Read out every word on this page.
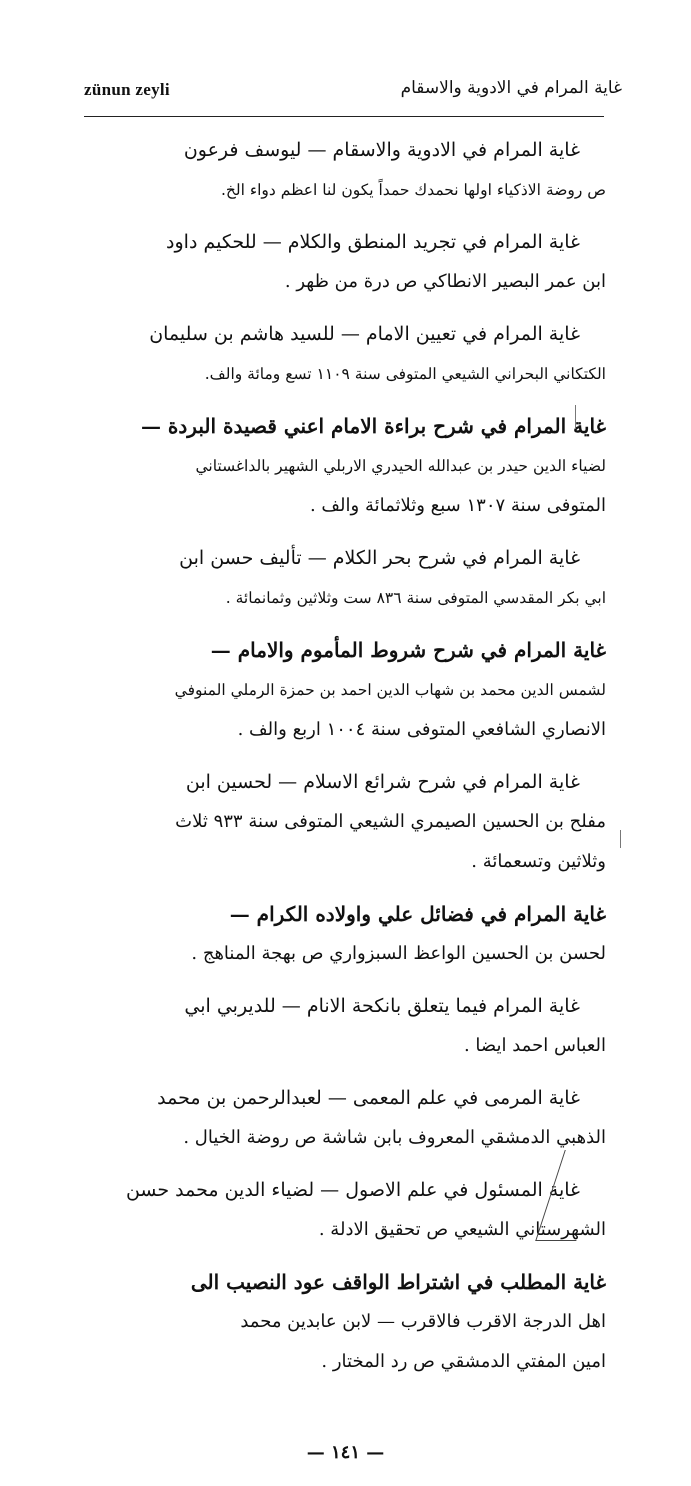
zünun zeyli	غاية المرام في الادوية والاسقام
غاية المرام في الادوية والاسقام — ليوسف فرعون
ص روضة الاذكياء اولها نحمدك حمداً يكون لنا اعظم دواء الخ.
غاية المرام في تجريد المنطق والكلام — للحكيم داود
ابن عمر البصير الانطاكي ص درة من ظهر .
غاية المرام في تعيين الامام — للسيد هاشم بن سليمان
الكتكاني البحراني الشيعي المتوفى سنة ١١٠٩ تسع ومائة والف.
غاية المرام في شرح براءة الامام اعني قصيدة البردة —
لضياء الدين حيدر بن عبدالله الحيدري الاربلي الشهير بالداغستاني
المتوفى سنة ١٣٠٧ سبع وثلاثمائة والف .
غاية المرام في شرح بحر الكلام — تأليف حسن ابن
ابي بكر المقدسي المتوفى سنة ٨٣٦ ست وثلاثين وثمانمائة .
غاية المرام في شرح شروط المأموم والامام —
لشمس الدين محمد بن شهاب الدين احمد بن حمزة الرملي المنوفي
الانصاري الشافعي المتوفى سنة ١٠٠٤ اربع والف .
غاية المرام في شرح شرائع الاسلام — لحسين ابن
مفلح بن الحسين الصيمري الشيعي المتوفى سنة ٩٣٣ ثلاث
وثلاثين وتسعمائة .
غاية المرام في فضائل علي واولاده الكرام —
لحسن بن الحسين الواعظ السبزواري ص بهجة المناهج .
غاية المرام فيما يتعلق بانكحة الانام — للديربي ابي
العباس احمد ايضا .
غاية المرمى في علم المعمى — لعبدالرحمن بن محمد
الذهبي الدمشقي المعروف بابن شاشة ص روضة الخيال .
غاية المسئول في علم الاصول — لضياء الدين محمد حسن
الشهرستاني الشيعي ص تحقيق الادلة .
غاية المطلب في اشتراط الواقف عود النصيب الى
اهل الدرجة الاقرب فالاقرب — لابن عابدين محمد
امين المفتي الدمشقي ص رد المختار .
— ١٤١ —
